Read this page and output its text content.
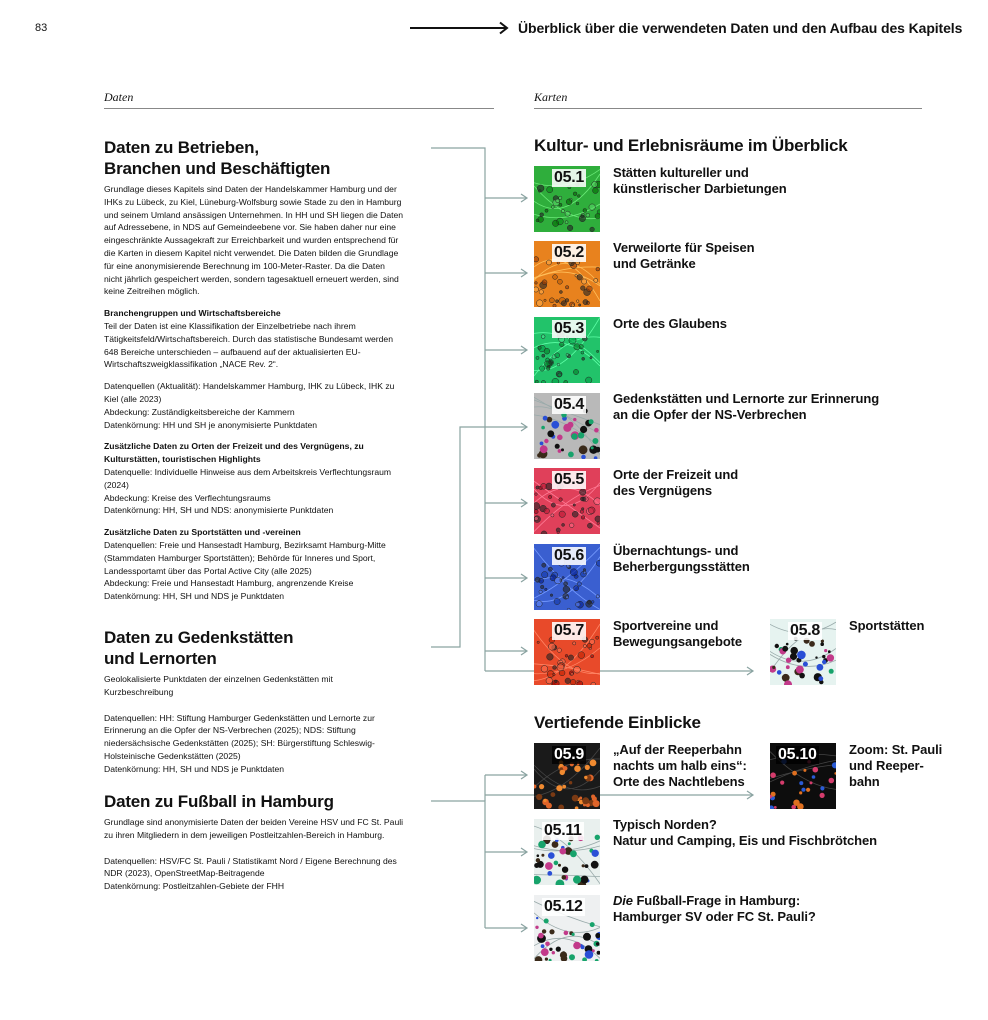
83	Überblick über die verwendeten Daten und den Aufbau des Kapitels
Daten	Karten
Daten zu Betrieben,
Branchen und Beschäftigten
Grundlage dieses Kapitels sind Daten der Handelskammer Hamburg und der IHKs zu Lübeck, zu Kiel, Lüneburg-Wolfsburg sowie Stade zu den in Hamburg und seinem Umland ansässigen Unternehmen. In HH und SH liegen die Daten auf Adressebene, in NDS auf Gemeindeebene vor. Sie haben daher nur eine eingeschränkte Aussagekraft zur Erreichbarkeit und wurden entsprechend für die Karten in diesem Kapitel nicht verwendet. Die Daten bilden die Grundlage für eine anonymisierende Berechnung im 100-Meter-Raster. Da die Daten nicht jährlich gespeichert werden, sondern tagesaktuell erneuert werden, sind keine Zeitreihen möglich.
Branchengruppen und Wirtschaftsbereiche
Teil der Daten ist eine Klassifikation der Einzelbetriebe nach ihrem Tätigkeitsfeld/Wirtschaftsbereich. Durch das statistische Bundesamt werden 648 Bereiche unterschieden – aufbauend auf der aktualisierten EU-Wirtschaftszweigklassifikation „NACE Rev. 2“.
Datenquellen (Aktualität): Handelskammer Hamburg, IHK zu Lübeck, IHK zu Kiel (alle 2023)
Abdeckung: Zuständigkeitsbereiche der Kammern
Datenkörnung: HH und SH je anonymisierte Punktdaten
Zusätzliche Daten zu Orten der Freizeit und des Vergnügens, zu Kulturstätten, touristischen Highlights
Datenquelle: Individuelle Hinweise aus dem Arbeitskreis Verflechtungsraum (2024)
Abdeckung: Kreise des Verflechtungsraums
Datenkörnung: HH, SH und NDS: anonymisierte Punktdaten
Zusätzliche Daten zu Sportstätten und -vereinen
Datenquellen: Freie und Hansestadt Hamburg, Bezirksamt Hamburg-Mitte (Stammdaten Hamburger Sportstätten); Behörde für Inneres und Sport, Landessportamt über das Portal Active City (alle 2025)
Abdeckung: Freie und Hansestadt Hamburg, angrenzende Kreise
Datenkörnung: HH, SH und NDS je Punktdaten
Daten zu Gedenkstätten
und Lernorten
Geolokalisierte Punktdaten der einzelnen Gedenkstätten mit Kurzbeschreibung
Datenquellen: HH: Stiftung Hamburger Gedenkstätten und Lernorte zur Erinnerung an die Opfer der NS-Verbrechen (2025); NDS: Stiftung niedersächsische Gedenkstätten (2025); SH: Bürgerstiftung Schleswig-Holsteinische Gedenkstätten (2025)
Datenkörnung: HH, SH und NDS je Punktdaten
Daten zu Fußball in Hamburg
Grundlage sind anonymisierte Daten der beiden Vereine HSV und FC St. Pauli zu ihren Mitgliedern in dem jeweiligen Postleitzahlen-Bereich in Hamburg.
Datenquellen: HSV/FC St. Pauli / Statistikamt Nord / Eigene Berechnung des NDR (2023), OpenStreetMap-Beitragende
Datenkörnung: Postleitzahlen-Gebiete der FHH
Kultur- und Erlebnisräume im Überblick
Vertiefende Einblicke
05.1 Stätten kultureller und
künstlerischer Darbietungen
05.2 Verweilorte für Speisen
und Getränke
05.3 Orte des Glaubens
05.4 Gedenkstätten und Lernorte zur Erinnerung
an die Opfer der NS-Verbrechen
05.5 Orte der Freizeit und
des Vergnügens
05.6 Übernachtungs- und
Beherbergungsstätten
05.7 Sportvereine und
Bewegungsangebote
05.8 Sportstätten
05.9 „Auf der Reeperbahn
nachts um halb eins“:
Orte des Nachtlebens
05.10 Zoom: St. Pauli
und Reeper-
bahn
05.11 Typisch Norden?
Natur und Camping, Eis und Fischbrötchen
05.12 Die Fußball-Frage in Hamburg:
Hamburger SV oder FC St. Pauli?
